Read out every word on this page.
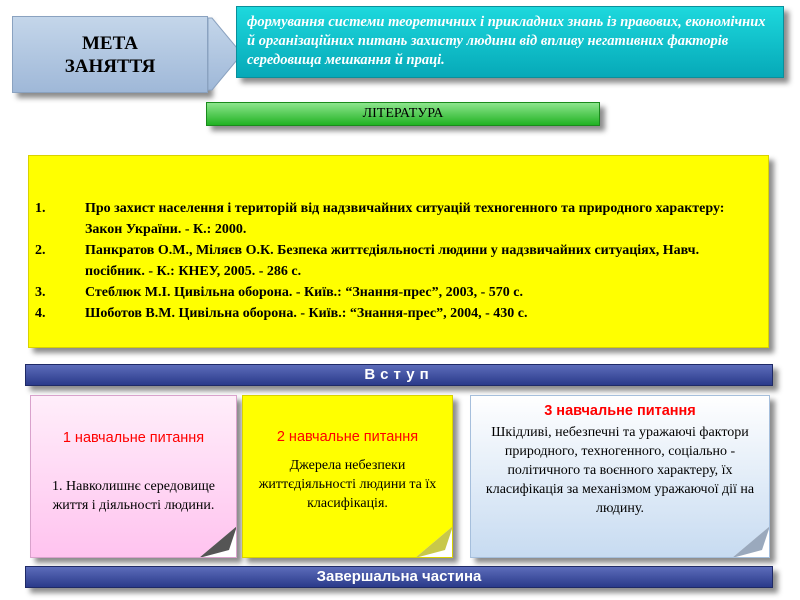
МЕТА
ЗАНЯТТЯ
формування системи теоретичних і прикладних знань із правових, економічних й організаційних питань захисту людини від впливу негативних факторів середовища мешкання й праці.
ЛІТЕРАТУРА
1.	Про захист населення і територій від надзвичайних ситуацій техногенного та природного характеру: Закон України. - К.: 2000.
2.	Панкратов О.М., Міляєв О.К. Безпека життєдіяльності людини у надзвичайних ситуаціях, Навч. посібник. - К.: КНЕУ, 2005. - 286 с.
3.	Стеблюк М.І. Цивільна оборона. - Київ.: “Знання-прес”, 2003, - 570 с.
4.	Шоботов В.М. Цивільна оборона. - Київ.: “Знання-прес”, 2004, - 430 с.
Вступ
1 навчальне питання
1. Навколишнє середовище життя і діяльності людини.
2 навчальне питання
Джерела небезпеки життєдіяльності людини та їх класифікація.
3 навчальне питання
Шкідливі, небезпечні та уражаючі фактори природного, техногенного, соціально - політичного та воєнного характеру, їх класифікація за механізмом уражаючої дії на людину.
Завершальна частина
